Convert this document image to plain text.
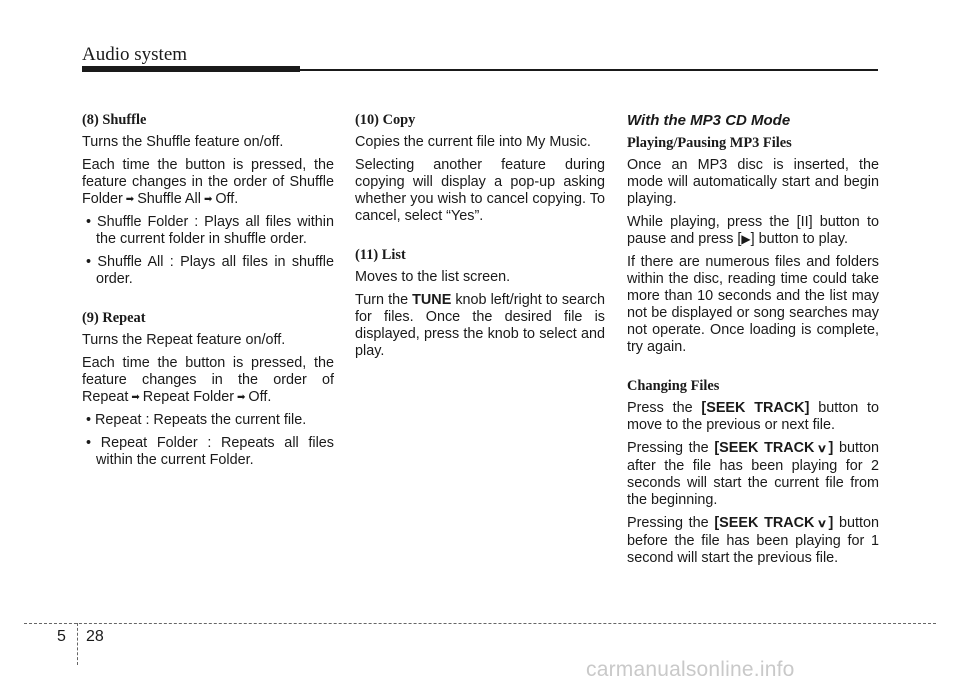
Audio system
(8) Shuffle

Turns the Shuffle feature on/off.

Each time the button is pressed, the feature changes in the order of Shuffle Folder ➡ Shuffle All ➡ Off.

• Shuffle Folder : Plays all files within the current folder in shuffle order.

• Shuffle All : Plays all files in shuffle order.

(9) Repeat

Turns the Repeat feature on/off.

Each time the button is pressed, the feature changes in the order of Repeat ➡ Repeat Folder ➡ Off.

• Repeat : Repeats the current file.

• Repeat Folder : Repeats all files within the current Folder.

(10) Copy

Copies the current file into My Music.

Selecting another feature during copying will display a pop-up asking whether you wish to cancel copying. To cancel, select “Yes”.

(11) List

Moves to the list screen.

Turn the TUNE knob left/right to search for files. Once the desired file is displayed, press the knob to select and play.

With the MP3 CD Mode
Playing/Pausing MP3 Files

Once an MP3 disc is inserted, the mode will automatically start and begin playing.

While playing, press the [II] button to pause and press [▶] button to play.

If there are numerous files and folders within the disc, reading time could take more than 10 seconds and the list may not be displayed or song searches may not operate. Once loading is complete, try again.

Changing Files

Press the [SEEK TRACK] button to move to the previous or next file.

Pressing the [SEEK TRACK ∨] button after the file has been playing for 2 seconds will start the current file from the beginning.

Pressing the [SEEK TRACK ∨] button before the file has been playing for 1 second will start the previous file.

5 28
carmanualsonline.info
